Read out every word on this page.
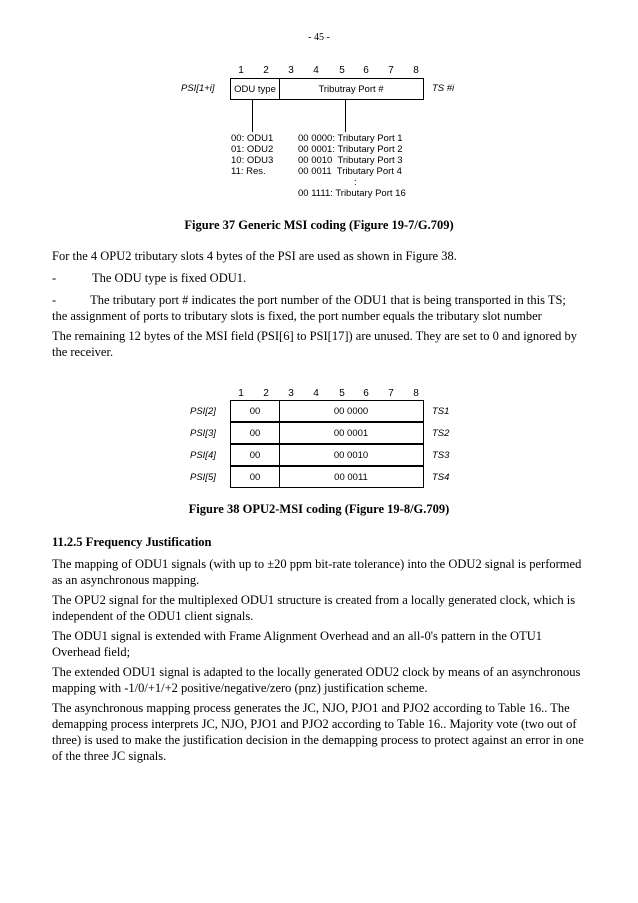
- 45 -
1	2	3	4	5	6	7	8
PSI[1+i]	ODU type	Tributray Port #	TS #i
00: ODU1
01: ODU2
10: ODU3
11: Res.
00 0000: Tributary Port 1
00 0001: Tributary Port 2
00 0010  Tributary Port 3
00 0011  Tributary Port 4
:
00 1111: Tributary Port 16
Figure 37 Generic MSI coding (Figure 19-7/G.709)
For the 4 OPU2 tributary slots 4 bytes of the PSI are used as shown in Figure 38.
-	The ODU type is fixed ODU1.
-	The tributary port # indicates the port number of the ODU1 that is being transported in this TS;
the assignment of ports to tributary slots is fixed, the port number equals the tributary slot number
The remaining 12 bytes of the MSI field (PSI[6] to PSI[17]) are unused. They are set to 0 and ignored by the receiver.
1	2	3	4	5	6	7	8
PSI[2]	00	00 0000	TS1
PSI[3]	00	00 0001	TS2
PSI[4]	00	00 0010	TS3
PSI[5]	00	00 0011	TS4
Figure 38 OPU2-MSI coding (Figure 19-8/G.709)
11.2.5 Frequency Justification
The mapping of ODU1 signals (with up to ±20 ppm bit-rate tolerance) into the ODU2 signal is performed as an asynchronous mapping.
The OPU2 signal for the multiplexed ODU1 structure is created from a locally generated clock, which is independent of the ODU1 client signals.
The ODU1 signal is extended with Frame Alignment Overhead and an all-0's pattern in the OTU1 Overhead field;
The extended ODU1 signal is adapted to the locally generated ODU2 clock by means of an asynchronous mapping with -1/0/+1/+2 positive/negative/zero (pnz) justification scheme.
The asynchronous mapping process generates the JC, NJO, PJO1 and PJO2 according to Table 16.. The demapping process interprets JC, NJO, PJO1 and PJO2 according to Table 16.. Majority vote (two out of three) is used to make the justification decision in the demapping process to protect against an error in one of the three JC signals.
